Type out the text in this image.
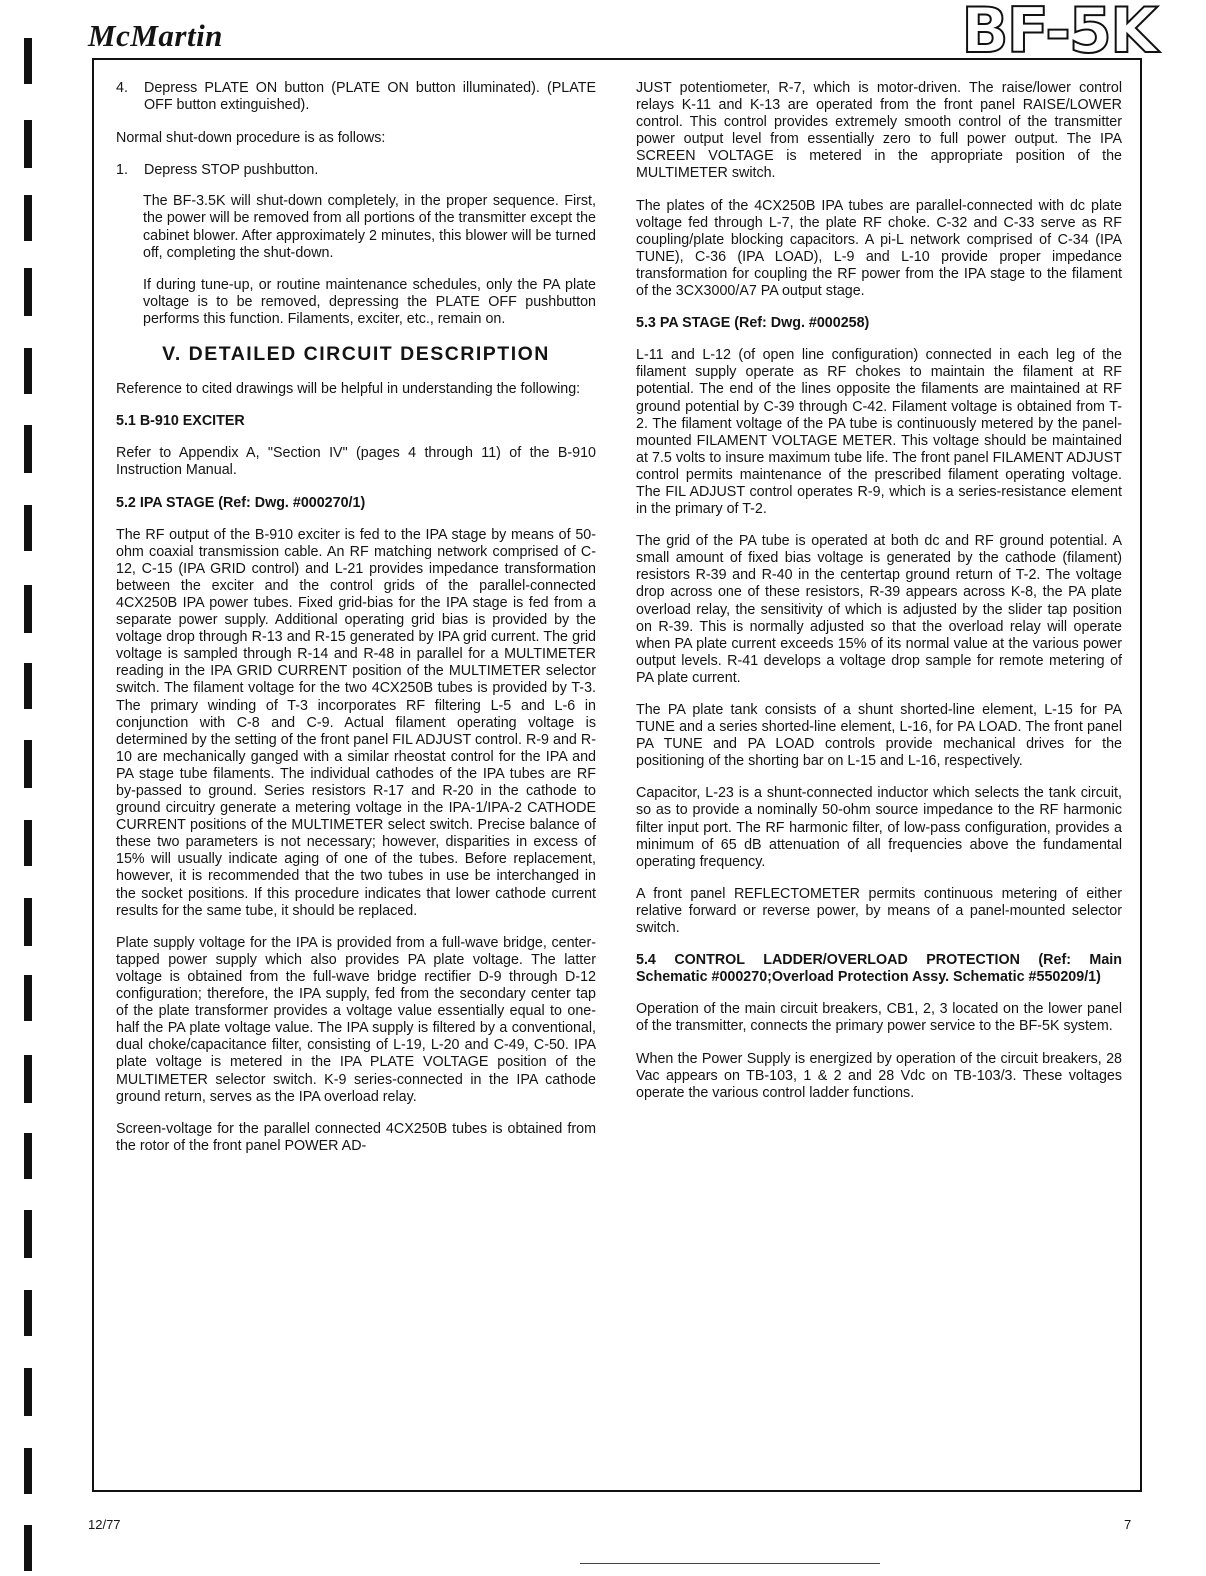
McMartin	BF-5K
4.	Depress PLATE ON button (PLATE ON button illuminated). (PLATE OFF button extinguished).

Normal shut-down procedure is as follows:

1.	Depress STOP pushbutton.

The BF-3.5K will shut-down completely, in the proper sequence. First, the power will be removed from all portions of the transmitter except the cabinet blower. After approximately 2 minutes, this blower will be turned off, completing the shut-down.

If during tune-up, or routine maintenance schedules, only the PA plate voltage is to be removed, depressing the PLATE OFF pushbutton performs this function. Filaments, exciter, etc., remain on.

V. DETAILED CIRCUIT DESCRIPTION

Reference to cited drawings will be helpful in understanding the following:

5.1 B-910 EXCITER

Refer to Appendix A, "Section IV" (pages 4 through 11) of the B-910 Instruction Manual.

5.2 IPA STAGE (Ref: Dwg. #000270/1)

The RF output of the B-910 exciter is fed to the IPA stage by means of 50-ohm coaxial transmission cable. An RF matching network comprised of C-12, C-15 (IPA GRID control) and L-21 provides impedance transformation between the exciter and the control grids of the parallel-connected 4CX250B IPA power tubes. Fixed grid-bias for the IPA stage is fed from a separate power supply. Additional operating grid bias is provided by the voltage drop through R-13 and R-15 generated by IPA grid current. The grid voltage is sampled through R-14 and R-48 in parallel for a MULTIMETER reading in the IPA GRID CURRENT position of the MULTIMETER selector switch. The filament voltage for the two 4CX250B tubes is provided by T-3. The primary winding of T-3 incorporates RF filtering L-5 and L-6 in conjunction with C-8 and C-9. Actual filament operating voltage is determined by the setting of the front panel FIL ADJUST control. R-9 and R-10 are mechanically ganged with a similar rheostat control for the IPA and PA stage tube filaments. The individual cathodes of the IPA tubes are RF by-passed to ground. Series resistors R-17 and R-20 in the cathode to ground circuitry generate a metering voltage in the IPA-1/IPA-2 CATHODE CURRENT positions of the MULTIMETER select switch. Precise balance of these two parameters is not necessary; however, disparities in excess of 15% will usually indicate aging of one of the tubes. Before replacement, however, it is recommended that the two tubes in use be interchanged in the socket positions. If this procedure indicates that lower cathode current results for the same tube, it should be replaced.

Plate supply voltage for the IPA is provided from a full-wave bridge, center-tapped power supply which also provides PA plate voltage. The latter voltage is obtained from the full-wave bridge rectifier D-9 through D-12 configuration; therefore, the IPA supply, fed from the secondary center tap of the plate transformer provides a voltage value essentially equal to one-half the PA plate voltage value. The IPA supply is filtered by a conventional, dual choke/capacitance filter, consisting of L-19, L-20 and C-49, C-50. IPA plate voltage is metered in the IPA PLATE VOLTAGE position of the MULTIMETER selector switch. K-9 series-connected in the IPA cathode ground return, serves as the IPA overload relay.

Screen-voltage for the parallel connected 4CX250B tubes is obtained from the rotor of the front panel POWER AD-

JUST potentiometer, R-7, which is motor-driven. The raise/lower control relays K-11 and K-13 are operated from the front panel RAISE/LOWER control. This control provides extremely smooth control of the transmitter power output level from essentially zero to full power output. The IPA SCREEN VOLTAGE is metered in the appropriate position of the MULTIMETER switch.

The plates of the 4CX250B IPA tubes are parallel-connected with dc plate voltage fed through L-7, the plate RF choke. C-32 and C-33 serve as RF coupling/plate blocking capacitors. A pi-L network comprised of C-34 (IPA TUNE), C-36 (IPA LOAD), L-9 and L-10 provide proper impedance transformation for coupling the RF power from the IPA stage to the filament of the 3CX3000/A7 PA output stage.

5.3 PA STAGE (Ref: Dwg. #000258)

L-11 and L-12 (of open line configuration) connected in each leg of the filament supply operate as RF chokes to maintain the filament at RF potential. The end of the lines opposite the filaments are maintained at RF ground potential by C-39 through C-42. Filament voltage is obtained from T-2. The filament voltage of the PA tube is continuously metered by the panel-mounted FILAMENT VOLTAGE METER. This voltage should be maintained at 7.5 volts to insure maximum tube life. The front panel FILAMENT ADJUST control permits maintenance of the prescribed filament operating voltage. The FIL ADJUST control operates R-9, which is a series-resistance element in the primary of T-2.

The grid of the PA tube is operated at both dc and RF ground potential. A small amount of fixed bias voltage is generated by the cathode (filament) resistors R-39 and R-40 in the centertap ground return of T-2. The voltage drop across one of these resistors, R-39 appears across K-8, the PA plate overload relay, the sensitivity of which is adjusted by the slider tap position on R-39. This is normally adjusted so that the overload relay will operate when PA plate current exceeds 15% of its normal value at the various power output levels. R-41 develops a voltage drop sample for remote metering of PA plate current.

The PA plate tank consists of a shunt shorted-line element, L-15 for PA TUNE and a series shorted-line element, L-16, for PA LOAD. The front panel PA TUNE and PA LOAD controls provide mechanical drives for the positioning of the shorting bar on L-15 and L-16, respectively.

Capacitor, L-23 is a shunt-connected inductor which selects the tank circuit, so as to provide a nominally 50-ohm source impedance to the RF harmonic filter input port. The RF harmonic filter, of low-pass configuration, provides a minimum of 65 dB attenuation of all frequencies above the fundamental operating frequency.

A front panel REFLECTOMETER permits continuous metering of either relative forward or reverse power, by means of a panel-mounted selector switch.

5.4 CONTROL LADDER/OVERLOAD PROTECTION (Ref: Main Schematic #000270;Overload Protection Assy. Schematic #550209/1)

Operation of the main circuit breakers, CB1, 2, 3 located on the lower panel of the transmitter, connects the primary power service to the BF-5K system.

When the Power Supply is energized by operation of the circuit breakers, 28 Vac appears on TB-103, 1 & 2 and 28 Vdc on TB-103/3. These voltages operate the various control ladder functions.

12/77	7
